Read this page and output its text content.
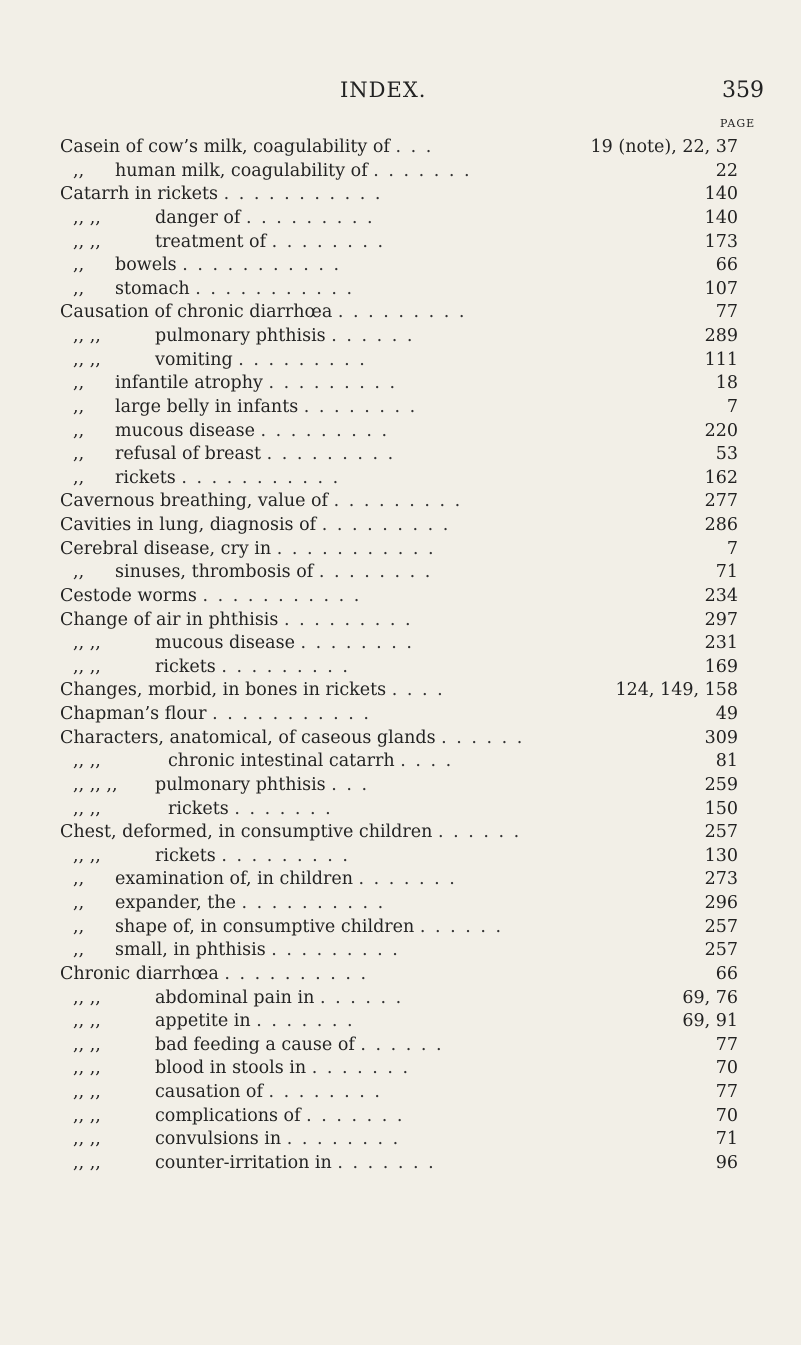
INDEX.	359
PAGE
Casein of cow’s milk, coagulability of . . .	19 (note), 22, 37
,, human milk, coagulability of . . . . . . .	22
Catarrh in rickets . . . . . . . . . . .	140
,, ,,	danger of . . . . . . . . .	140
,, ,,	treatment of . . . . . . . .	173
,, bowels . . . . . . . . . . .	66
,, stomach . . . . . . . . . . .	107
Causation of chronic diarrhœa . . . . . . . . .	77
,, ,,	pulmonary phthisis . . . . . .	289
,, ,,	vomiting . . . . . . . . .	111
,, infantile atrophy . . . . . . . . .	18
,, large belly in infants . . . . . . . .	7
,, mucous disease . . . . . . . . .	220
,, refusal of breast . . . . . . . . .	53
,, rickets . . . . . . . . . . .	162
Cavernous breathing, value of . . . . . . . . .	277
Cavities in lung, diagnosis of . . . . . . . . .	286
Cerebral disease, cry in . . . . . . . . . . .	7
,, sinuses, thrombosis of . . . . . . . .	71
Cestode worms . . . . . . . . . . .	234
Change of air in phthisis . . . . . . . . .	297
,, ,,	mucous disease . . . . . . . .	231
,, ,,	rickets . . . . . . . . .	169
Changes, morbid, in bones in rickets . . . .	124, 149, 158
Chapman’s flour . . . . . . . . . . .	49
Characters, anatomical, of caseous glands . . . . . .	309
,, ,,	chronic intestinal catarrh . . . .	81
,, ,, ,, pulmonary phthisis . . .	259
,, ,,	rickets . . . . . . .	150
Chest, deformed, in consumptive children . . . . . .	257
,, ,,	rickets . . . . . . . . .	130
,, examination of, in children . . . . . . .	273
,, expander, the . . . . . . . . . .	296
,, shape of, in consumptive children . . . . . .	257
,, small, in phthisis . . . . . . . . .	257
Chronic diarrhœa . . . . . . . . . .	66
,, ,,	abdominal pain in . . . . . .	69, 76
,, ,,	appetite in . . . . . . .	69, 91
,, ,,	bad feeding a cause of . . . . . .	77
,, ,,	blood in stools in . . . . . . .	70
,, ,,	causation of . . . . . . . .	77
,, ,,	complications of . . . . . . .	70
,, ,,	convulsions in . . . . . . . .	71
,, ,,	counter-irritation in . . . . . . .	96
